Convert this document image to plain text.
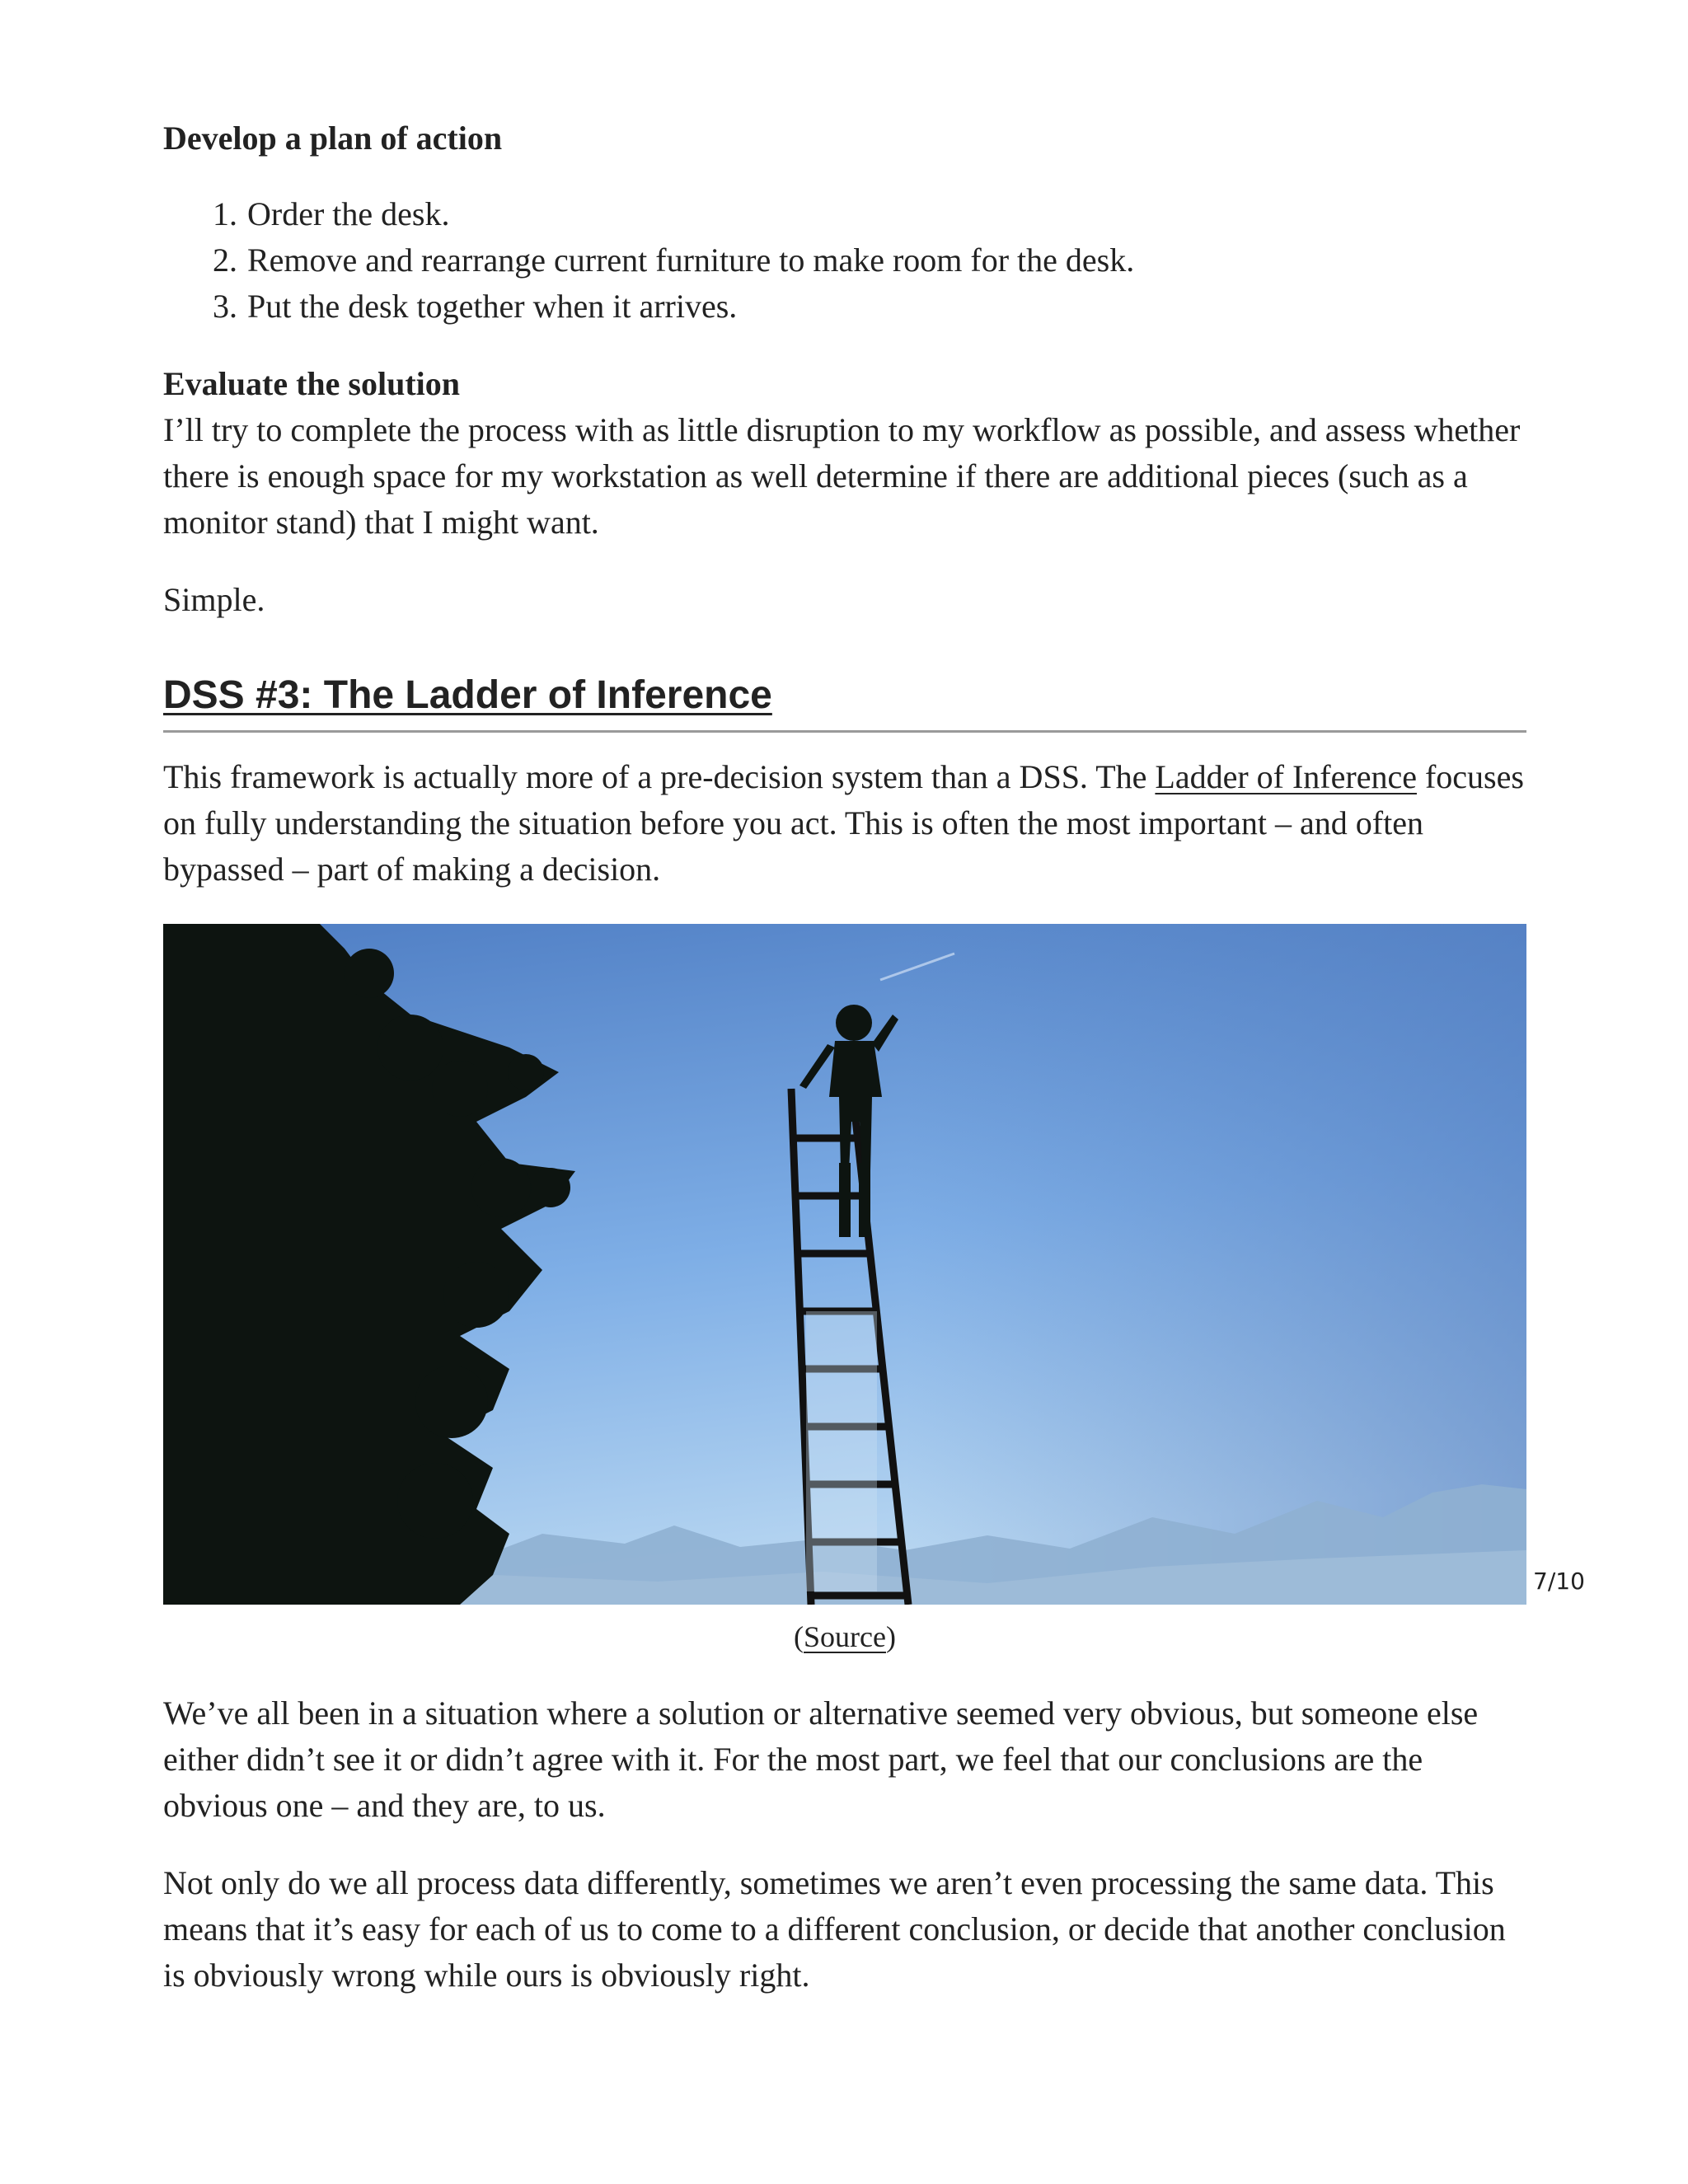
Develop a plan of action

1. Order the desk.
2. Remove and rearrange current furniture to make room for the desk.
3. Put the desk together when it arrives.

Evaluate the solution

I’ll try to complete the process with as little disruption to my workflow as possible, and assess whether there is enough space for my workstation as well determine if there are additional pieces (such as a monitor stand) that I might want.

Simple.

DSS #3: The Ladder of Inference

This framework is actually more of a pre-decision system than a DSS. The Ladder of Inference focuses on fully understanding the situation before you act. This is often the most important – and often bypassed – part of making a decision.

(Source)

We’ve all been in a situation where a solution or alternative seemed very obvious, but someone else either didn’t see it or didn’t agree with it. For the most part, we feel that our conclusions are the obvious one – and they are, to us.

Not only do we all process data differently, sometimes we aren’t even processing the same data. This means that it’s easy for each of us to come to a different conclusion, or decide that another conclusion is obviously wrong while ours is obviously right.

7/10
